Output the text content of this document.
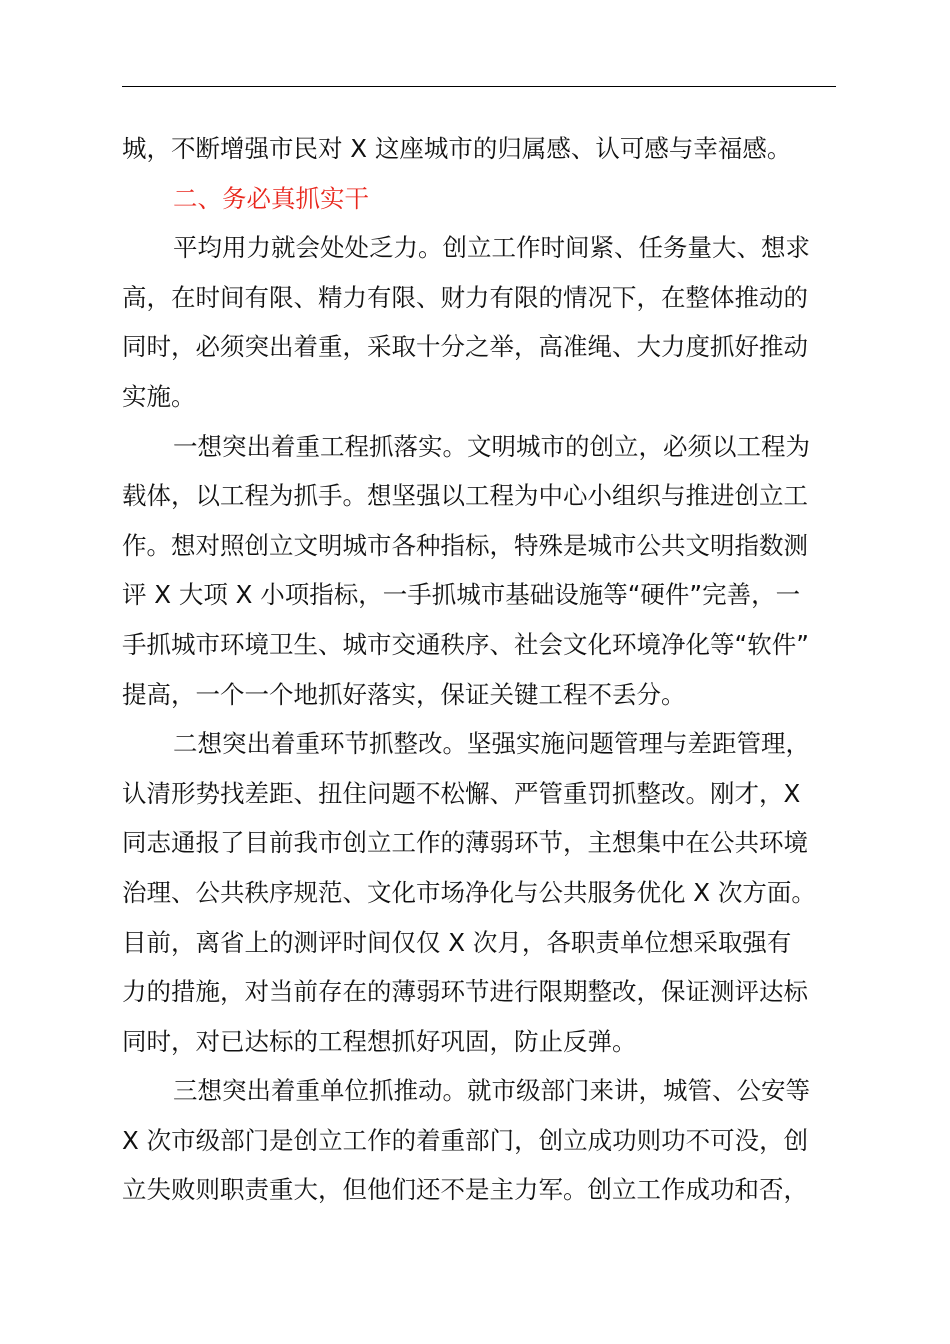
城，不断增强市民对 X 这座城市的归属感、认可感与幸福感。
二、务必真抓实干
平均用力就会处处乏力。创立工作时间紧、任务量大、想求
高，在时间有限、精力有限、财力有限的情况下，在整体推动的
同时，必须突出着重，采取十分之举，高准绳、大力度抓好推动
实施。
一想突出着重工程抓落实。文明城市的创立，必须以工程为
载体，以工程为抓手。想坚强以工程为中心小组织与推进创立工
作。想对照创立文明城市各种指标，特殊是城市公共文明指数测
评 X 大项 X 小项指标，一手抓城市基础设施等“硬件”完善，一
手抓城市环境卫生、城市交通秩序、社会文化环境净化等“软件”
提高，一个一个地抓好落实，保证关键工程不丢分。
二想突出着重环节抓整改。坚强实施问题管理与差距管理，
认清形势找差距、扭住问题不松懈、严管重罚抓整改。刚才，X
同志通报了目前我市创立工作的薄弱环节，主想集中在公共环境
治理、公共秩序规范、文化市场净化与公共服务优化 X 次方面。
目前，离省上的测评时间仅仅 X 次月，各职责单位想采取强有
力的措施，对当前存在的薄弱环节进行限期整改，保证测评达标
同时，对已达标的工程想抓好巩固，防止反弹。
三想突出着重单位抓推动。就市级部门来讲，城管、公安等
X 次市级部门是创立工作的着重部门，创立成功则功不可没，创
立失败则职责重大，但他们还不是主力军。创立工作成功和否，
